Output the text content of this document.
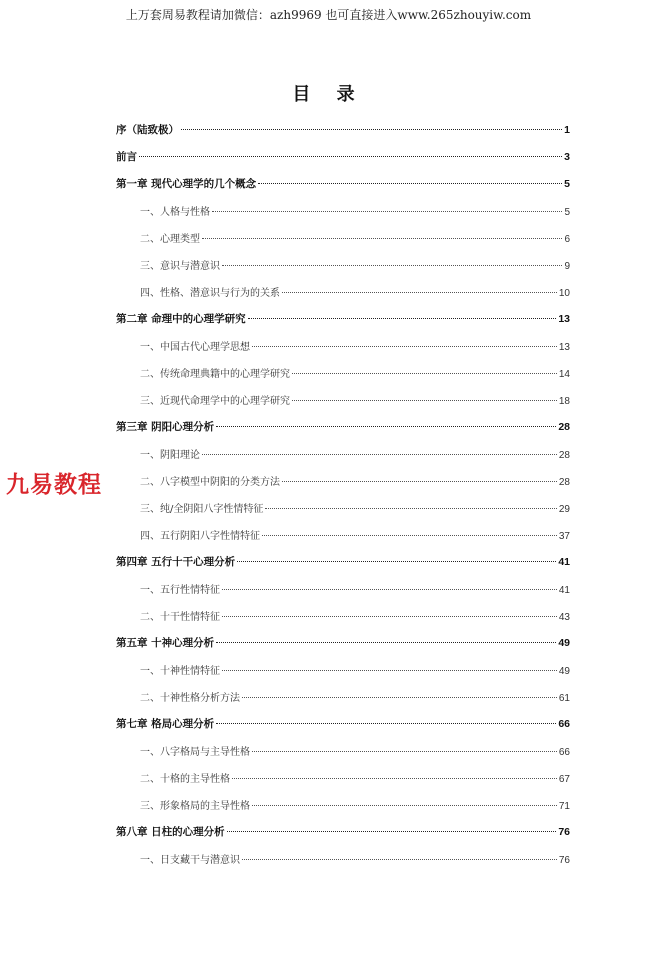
上万套周易教程请加微信：azh9969 也可直接进入www.265zhouyiw.com
目 录
九易教程
序（陆致极）	1
前言	3
第一章 现代心理学的几个概念	5
一、人格与性格	5
二、心理类型	6
三、意识与潜意识	9
四、性格、潜意识与行为的关系	10
第二章 命理中的心理学研究	13
一、中国古代心理学思想	13
二、传统命理典籍中的心理学研究	14
三、近现代命理学中的心理学研究	18
第三章 阴阳心理分析	28
一、阴阳理论	28
二、八字模型中阴阳的分类方法	28
三、纯/全阴阳八字性情特征	29
四、五行阴阳八字性情特征	37
第四章 五行十干心理分析	41
一、五行性情特征	41
二、十干性情特征	43
第五章 十神心理分析	49
一、十神性情特征	49
二、十神性格分析方法	61
第七章 格局心理分析	66
一、八字格局与主导性格	66
二、十格的主导性格	67
三、形象格局的主导性格	71
第八章 日柱的心理分析	76
一、日支藏干与潜意识	76
